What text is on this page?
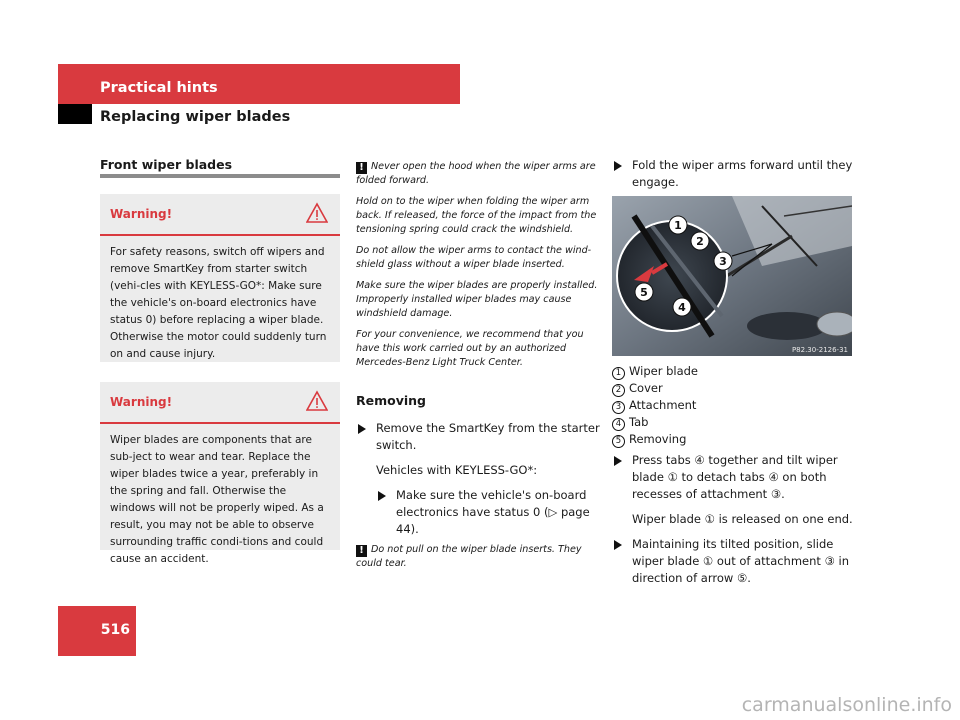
Practical hints
Replacing wiper blades
Front wiper blades
Warning!
For safety reasons, switch off wipers and remove SmartKey from starter switch (vehi-cles with KEYLESS-GO*: Make sure the vehicle's on-board electronics have status 0) before replacing a wiper blade. Otherwise the motor could suddenly turn on and cause injury.
Warning!
Wiper blades are components that are sub-ject to wear and tear. Replace the wiper blades twice a year, preferably in the spring and fall. Otherwise the windows will not be properly wiped. As a result, you may not be able to observe surrounding traffic condi-tions and could cause an accident.

! Never open the hood when the wiper arms are folded forward.

Hold on to the wiper when folding the wiper arm back. If released, the force of the impact from the tensioning spring could crack the windshield.

Do not allow the wiper arms to contact the wind-shield glass without a wiper blade inserted.

Make sure the wiper blades are properly installed. Improperly installed wiper blades may cause windshield damage.

For your convenience, we recommend that you have this work carried out by an authorized Mercedes-Benz Light Truck Center.

Removing
Remove the SmartKey from the starter switch.
Vehicles with KEYLESS-GO*:
Make sure the vehicle's on-board electronics have status 0 (▷ page 44).

! Do not pull on the wiper blade inserts. They could tear.

Fold the wiper arms forward until they engage.
1
2
3
4
5
P82.30-2126-31
1 Wiper blade
2 Cover
3 Attachment
4 Tab
5 Removing
Press tabs ④ together and tilt wiper blade ① to detach tabs ④ on both recesses of attachment ③.
Wiper blade ① is released on one end.
Maintaining its tilted position, slide wiper blade ① out of attachment ③ in direction of arrow ⑤.
516
carmanualsonline.info
